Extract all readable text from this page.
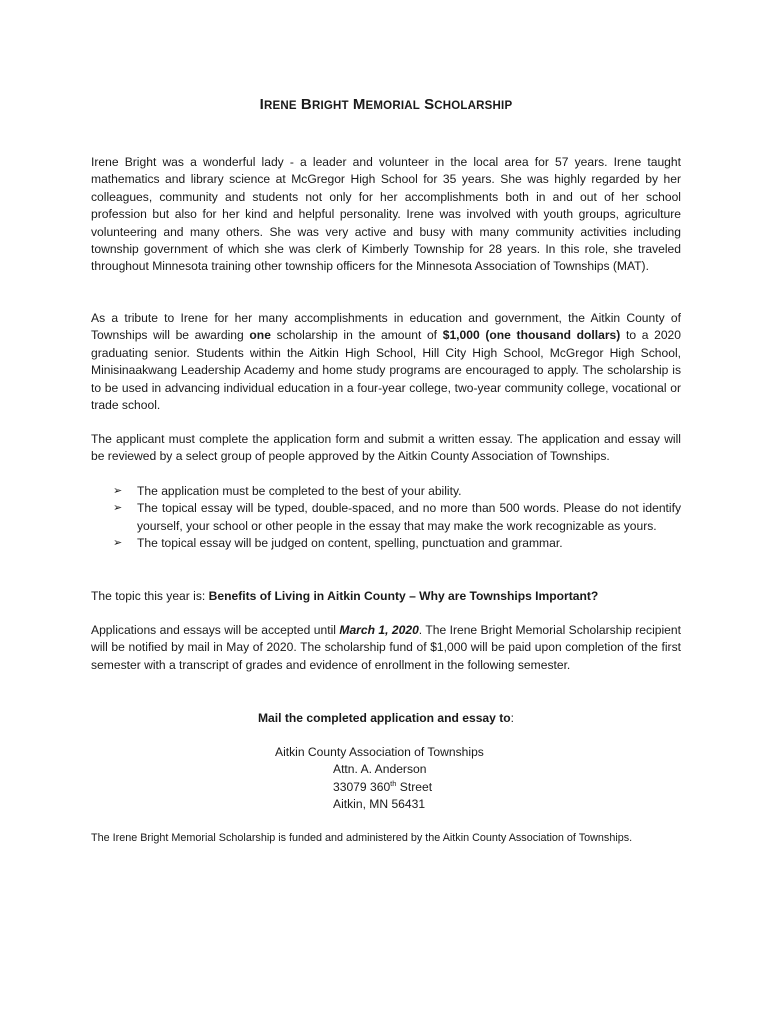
IRENE BRIGHT MEMORIAL SCHOLARSHIP

Irene Bright was a wonderful lady - a leader and volunteer in the local area for 57 years. Irene taught mathematics and library science at McGregor High School for 35 years. She was highly regarded by her colleagues, community and students not only for her accomplishments both in and out of her school profession but also for her kind and helpful personality. Irene was involved with youth groups, agriculture volunteering and many others. She was very active and busy with many community activities including township government of which she was clerk of Kimberly Township for 28 years. In this role, she traveled throughout Minnesota training other township officers for the Minnesota Association of Townships (MAT).

As a tribute to Irene for her many accomplishments in education and government, the Aitkin County of Townships will be awarding one scholarship in the amount of $1,000 (one thousand dollars) to a 2020 graduating senior. Students within the Aitkin High School, Hill City High School, McGregor High School, Minisinaakwang Leadership Academy and home study programs are encouraged to apply. The scholarship is to be used in advancing individual education in a four-year college, two-year community college, vocational or trade school.

The applicant must complete the application form and submit a written essay. The application and essay will be reviewed by a select group of people approved by the Aitkin County Association of Townships.

➢ The application must be completed to the best of your ability.
➢ The topical essay will be typed, double-spaced, and no more than 500 words. Please do not identify yourself, your school or other people in the essay that may make the work recognizable as yours.
➢ The topical essay will be judged on content, spelling, punctuation and grammar.

The topic this year is: Benefits of Living in Aitkin County – Why are Townships Important?

Applications and essays will be accepted until March 1, 2020. The Irene Bright Memorial Scholarship recipient will be notified by mail in May of 2020. The scholarship fund of $1,000 will be paid upon completion of the first semester with a transcript of grades and evidence of enrollment in the following semester.

Mail the completed application and essay to:

Aitkin County Association of Townships
Attn. A. Anderson
33079 360th Street
Aitkin, MN 56431

The Irene Bright Memorial Scholarship is funded and administered by the Aitkin County Association of Townships.
